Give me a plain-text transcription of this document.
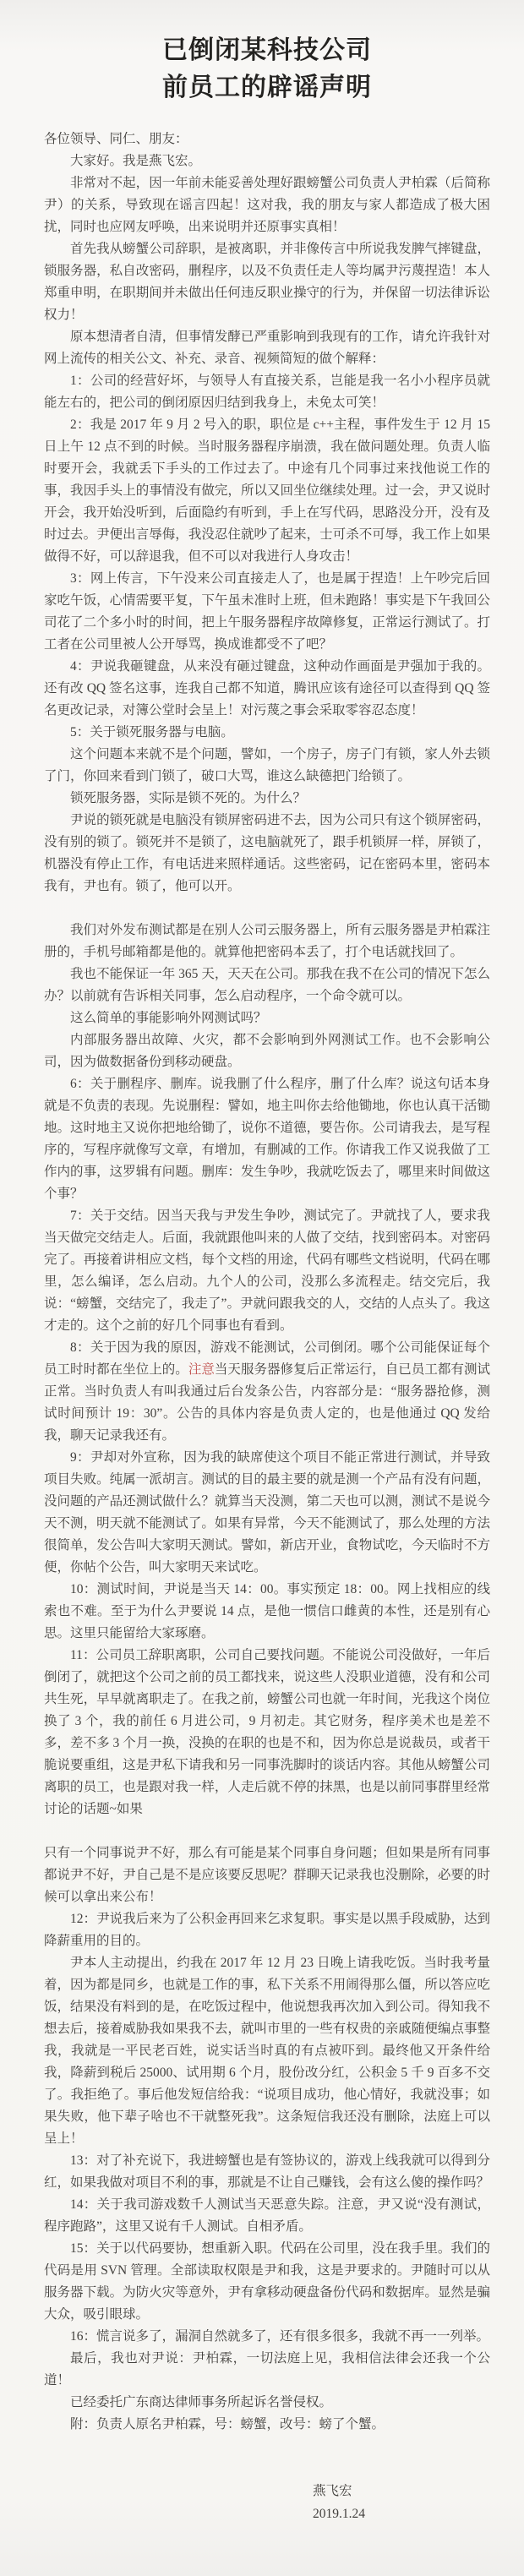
已倒闭某科技公司
前员工的辟谣声明

各位领导、同仁、朋友：

大家好。我是燕飞宏。

非常对不起，因一年前未能妥善处理好跟螃蟹公司负责人尹柏霖（后简称尹）的关系，导致现在谣言四起！这对我，我的朋友与家人都造成了极大困扰，同时也应网友呼唤，出来说明并还原事实真相！

首先我从螃蟹公司辞职，是被离职，并非像传言中所说我发脾气摔键盘，锁服务器，私自改密码，删程序，以及不负责任走人等均属尹污蔑捏造！本人郑重申明，在职期间并未做出任何违反职业操守的行为，并保留一切法律诉讼权力！

原本想清者自清，但事情发酵已严重影响到我现有的工作，请允许我针对网上流传的相关公文、补充、录音、视频简短的做个解释：

1：公司的经营好坏，与领导人有直接关系，岂能是我一名小小程序员就能左右的，把公司的倒闭原因归结到我身上，未免太可笑！

2：我是 2017 年 9 月 2 号入的职，职位是 c++主程，事件发生于 12 月 15 日上午 12 点不到的时候。当时服务器程序崩溃，我在做问题处理。负责人临时要开会，我就丢下手头的工作过去了。中途有几个同事过来找他说工作的事，我因手头上的事情没有做完，所以又回坐位继续处理。过一会，尹又说时开会，我开始没听到，后面隐约有听到，手上在写代码，思路没分开，没有及时过去。尹便出言辱侮，我没忍住就吵了起来，士可杀不可辱，我工作上如果做得不好，可以辞退我，但不可以对我进行人身攻击！

3：网上传言，下午没来公司直接走人了，也是属于捏造！上午吵完后回家吃午饭，心情需要平复，下午虽未准时上班，但未跑路！事实是下午我回公司花了二个多小时的时间，把上午服务器程序故障修复，正常运行测试了。打工者在公司里被人公开辱骂，换成谁都受不了吧？

4：尹说我砸键盘，从来没有砸过键盘，这种动作画面是尹强加于我的。还有改 QQ 签名这事，连我自己都不知道，腾讯应该有途径可以查得到 QQ 签名更改记录，对簿公堂时会呈上！对污蔑之事会采取零容忍态度！

5：关于锁死服务器与电脑。

这个问题本来就不是个问题，譬如，一个房子，房子门有锁，家人外去锁了门，你回来看到门锁了，破口大骂，谁这么缺德把门给锁了。

锁死服务器，实际是锁不死的。为什么？

尹说的锁死就是电脑没有锁屏密码进不去，因为公司只有这个锁屏密码，没有别的锁了。锁死并不是锁了，这电脑就死了，跟手机锁屏一样，屏锁了，机器没有停止工作，有电话进来照样通话。这些密码，记在密码本里，密码本我有，尹也有。锁了，他可以开。

我们对外发布测试都是在别人公司云服务器上，所有云服务器是尹柏霖注册的，手机号邮箱都是他的。就算他把密码本丢了，打个电话就找回了。

我也不能保证一年 365 天，天天在公司。那我在我不在公司的情况下怎么办？以前就有告诉相关同事，怎么启动程序，一个命令就可以。

这么简单的事能影响外网测试吗？

内部服务器出故障、火灾，都不会影响到外网测试工作。也不会影响公司，因为做数据备份到移动硬盘。

6：关于删程序、删库。说我删了什么程序，删了什么库？说这句话本身就是不负责的表现。先说删程：譬如，地主叫你去给他锄地，你也认真干活锄地。这时地主又说你把地给锄了，说你不道德，要告你。公司请我去，是写程序的，写程序就像写文章，有增加，有删减的工作。你请我工作又说我做了工作内的事，这罗辑有问题。删库：发生争吵，我就吃饭去了，哪里来时间做这个事？

7：关于交结。因当天我与尹发生争吵，测试完了。尹就找了人，要求我当天做完交结走人。后面，我就跟他叫来的人做了交结，找到密码本。对密码完了。再接着讲相应文档，每个文档的用途，代码有哪些文档说明，代码在哪里，怎么编译，怎么启动。九个人的公司，没那么多流程走。结交完后，我说：“螃蟹，交结完了，我走了”。尹就问跟我交的人，交结的人点头了。我这才走的。这个之前的好几个同事也有看到。

8：关于因为我的原因，游戏不能测试，公司倒闭。哪个公司能保证每个员工时时都在坐位上的。注意当天服务器修复后正常运行，自已员工都有测试正常。当时负责人有叫我通过后台发条公告，内容部分是：“服务器抢修，测试时间预计 19：30”。公告的具体内容是负责人定的，也是他通过 QQ 发给我，聊天记录我还有。

9：尹却对外宣称，因为我的缺席使这个项目不能正常进行测试，并导致项目失败。纯属一派胡言。测试的目的最主要的就是测一个产品有没有问题，没问题的产品还测试做什么？就算当天没测，第二天也可以测，测试不是说今天不测，明天就不能测试了。如果有异常，今天不能测试了，那么处理的方法很简单，发公告叫大家明天测试。譬如，新店开业，食物试吃，今天临时不方便，你帖个公告，叫大家明天来试吃。

10：测试时间，尹说是当天 14：00。事实预定 18：00。网上找相应的线索也不难。至于为什么尹要说 14 点，是他一惯信口雌黄的本性，还是别有心思。这里只能留给大家琢磨。

11：公司员工辞职离职，公司自己要找问题。不能说公司没做好，一年后倒闭了，就把这个公司之前的员工都找来，说这些人没职业道德，没有和公司共生死，早早就离职走了。在我之前，螃蟹公司也就一年时间，光我这个岗位换了 3 个，我的前任 6 月进公司，9 月初走。其它财务，程序美术也是差不多，差不多 3 个月一换，没换的在职的也是不和，因为你总是说裁员，或者干脆说要重组，这是尹私下请我和另一同事洗脚时的谈话内容。其他从螃蟹公司离职的员工，也是跟对我一样，人走后就不停的抹黑，也是以前同事群里经常讨论的话题~如果

只有一个同事说尹不好，那么有可能是某个同事自身问题；但如果是所有同事都说尹不好，尹自己是不是应该要反思呢？群聊天记录我也没删除，必要的时候可以拿出来公布！

12：尹说我后来为了公积金再回来乞求复职。事实是以黑手段威胁，达到降薪重用的目的。

尹本人主动提出，约我在 2017 年 12 月 23 日晚上请我吃饭。当时我考量着，因为都是同乡，也就是工作的事，私下关系不用闹得那么僵，所以答应吃饭，结果没有料到的是，在吃饭过程中，他说想我再次加入到公司。得知我不想去后，接着威胁我如果我不去，就叫市里的一些有权贵的亲戚随便编点事整我，我就是一平民老百姓，说实话当时真的有点被吓到。最终他又开条件给我，降薪到税后 25000、试用期 6 个月，股份改分红，公积金 5 千 9 百多不交了。我拒绝了。事后他发短信给我：“说项目成功，他心情好，我就没事；如果失败，他下辈子啥也不干就整死我”。这条短信我还没有删除，法庭上可以呈上！

13：对了补充说下，我进螃蟹也是有签协议的，游戏上线我就可以得到分红，如果我做对项目不利的事，那就是不让自己赚钱，会有这么傻的操作吗？

14：关于我司游戏数千人测试当天恶意失踪。注意，尹又说“没有测试，程序跑路”，这里又说有千人测试。自相矛盾。

15：关于以代码要协，想重新入职。代码在公司里，没在我手里。我们的代码是用 SVN 管理。全部读取权限是尹和我，这是尹要求的。尹随时可以从服务器下载。为防火灾等意外，尹有拿移动硬盘备份代码和数据库。显然是骗大众，吸引眼球。

16：慌言说多了，漏洞自然就多了，还有很多很多，我就不再一一列举。

最后，我也对尹说：尹柏霖，一切法庭上见，我相信法律会还我一个公道！

已经委托广东商达律师事务所起诉名誉侵权。

附：负责人原名尹柏霖，号：螃蟹，改号：螃了个蟹。

燕飞宏
2019.1.24
